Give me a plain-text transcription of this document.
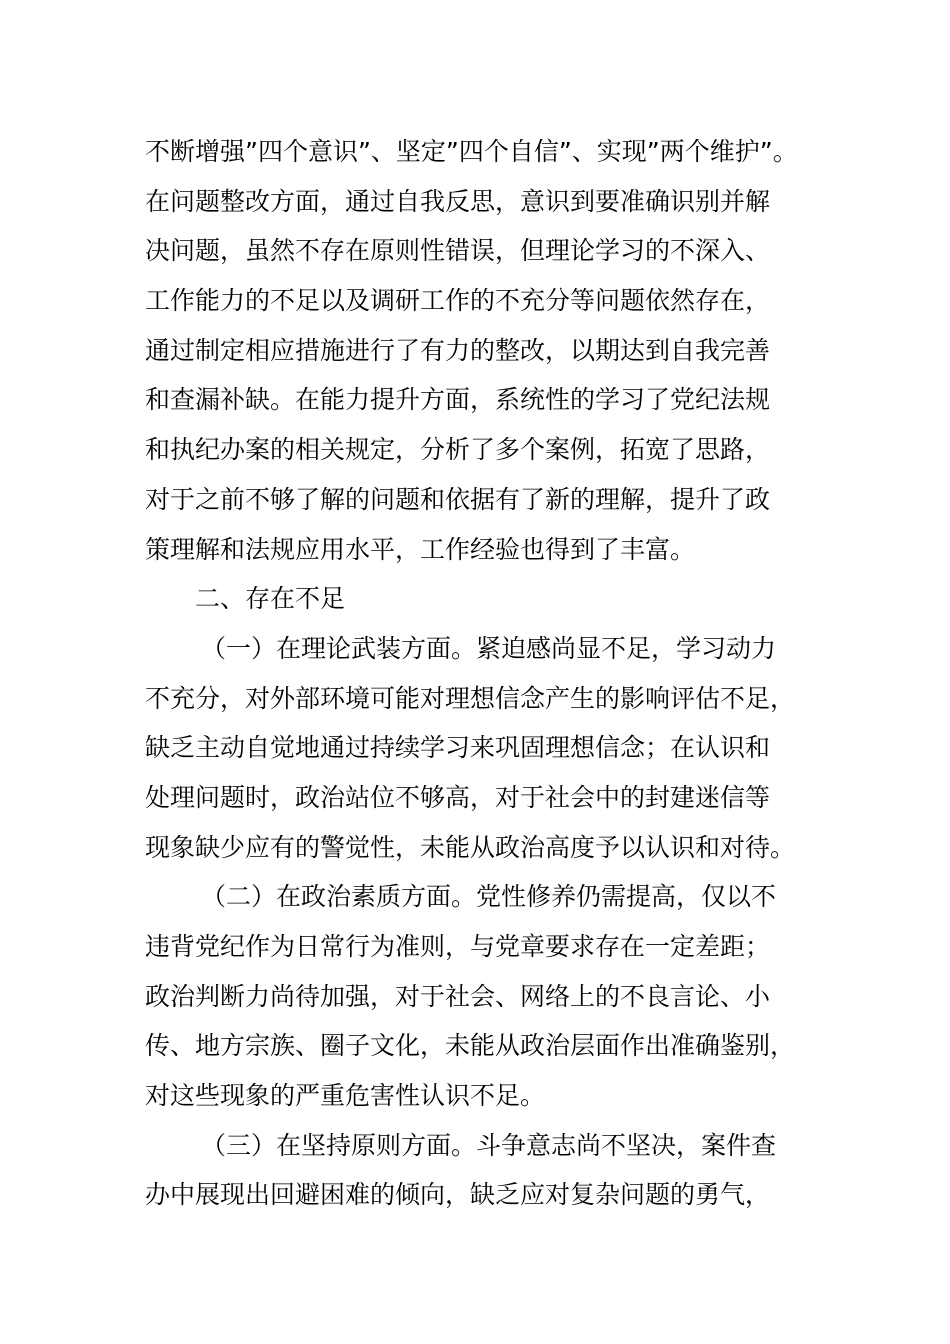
不断增强”四个意识”、坚定”四个自信”、实现”两个维护”。
在问题整改方面，通过自我反思，意识到要准确识别并解
决问题，虽然不存在原则性错误，但理论学习的不深入、
工作能力的不足以及调研工作的不充分等问题依然存在，
通过制定相应措施进行了有力的整改，以期达到自我完善
和查漏补缺。在能力提升方面，系统性的学习了党纪法规
和执纪办案的相关规定，分析了多个案例，拓宽了思路，
对于之前不够了解的问题和依据有了新的理解，提升了政
策理解和法规应用水平，工作经验也得到了丰富。
二、存在不足
（一）在理论武装方面。紧迫感尚显不足，学习动力
不充分，对外部环境可能对理想信念产生的影响评估不足，
缺乏主动自觉地通过持续学习来巩固理想信念；在认识和
处理问题时，政治站位不够高，对于社会中的封建迷信等
现象缺少应有的警觉性，未能从政治高度予以认识和对待。
（二）在政治素质方面。党性修养仍需提高，仅以不
违背党纪作为日常行为准则，与党章要求存在一定差距；
政治判断力尚待加强，对于社会、网络上的不良言论、小
传、地方宗族、圈子文化，未能从政治层面作出准确鉴别，
对这些现象的严重危害性认识不足。
（三）在坚持原则方面。斗争意志尚不坚决，案件查
办中展现出回避困难的倾向，缺乏应对复杂问题的勇气，
